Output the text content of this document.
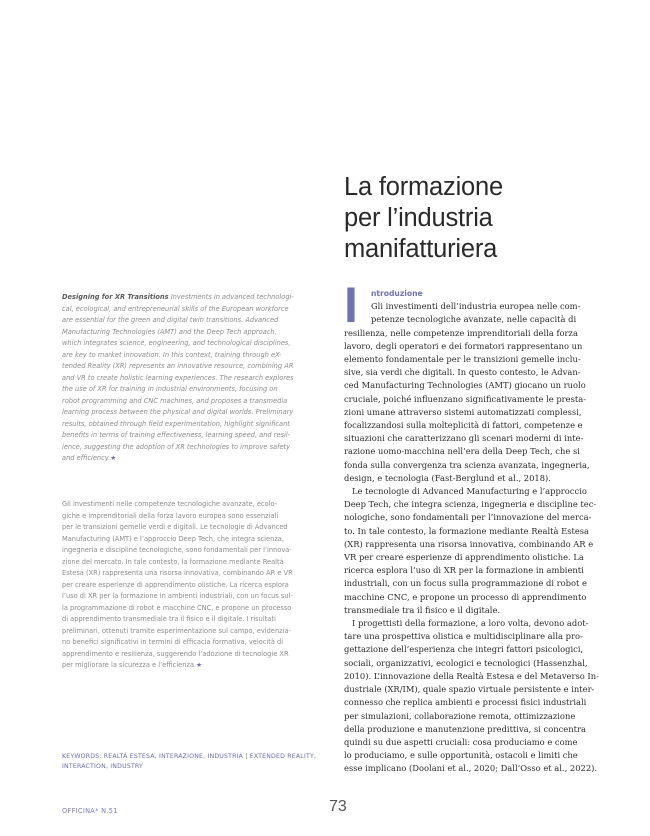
La formazione
per l’industria
manifatturiera
Designing for XR Transitions Investments in advanced technologi-
cal, ecological, and entrepreneurial skills of the European workforce
are essential for the green and digital twin transitions. Advanced
Manufacturing Technologies (AMT) and the Deep Tech approach,
which integrates science, engineering, and technological disciplines,
are key to market innovation. In this context, training through eX-
tended Reality (XR) represents an innovative resource, combining AR
and VR to create holistic learning experiences. The research explores
the use of XR for training in industrial environments, focusing on
robot programming and CNC machines, and proposes a transmedia
learning process between the physical and digital worlds. Preliminary
results, obtained through field experimentation, highlight significant
benefits in terms of training effectiveness, learning speed, and resil-
ience, suggesting the adoption of XR technologies to improve safety
and efficiency.★
Gli investimenti nelle competenze tecnologiche avanzate, ecolo-
giche e imprenditoriali della forza lavoro europea sono essenziali
per le transizioni gemelle verdi e digitali. Le tecnologie di Advanced
Manufacturing (AMT) e l’approccio Deep Tech, che integra scienza,
ingegneria e discipline tecnologiche, sono fondamentali per l’innova-
zione del mercato. In tale contesto, la formazione mediante Realtà
Estesa (XR) rappresenta una risorsa innovativa, combinando AR e VR
per creare esperienze di apprendimento olistiche. La ricerca esplora
l’uso di XR per la formazione in ambienti industriali, con un focus sul-
la programmazione di robot e macchine CNC, e propone un processo
di apprendimento transmediale tra il fisico e il digitale. I risultati
preliminari, ottenuti tramite esperimentazione sul campo, evidenzia-
no benefici significativi in termini di efficacia formativa, velocità di
apprendimento e resilienza, suggerendo l’adozione di tecnologie XR
per migliorare la sicurezza e l’efficienza.★
KEYWORDS: REALTÀ ESTESA, INTERAZIONE, INDUSTRIA | EXTENDED REALITY,
INTERACTION, INDUSTRY
I	ntroduzione
Gli investimenti dell’industria europea nelle com-
petenze tecnologiche avanzate, nelle capacità di
resilienza, nelle competenze imprenditoriali della forza
lavoro, degli operatori e dei formatori rappresentano un
elemento fondamentale per le transizioni gemelle inclu-
sive, sia verdi che digitali. In questo contesto, le Advan-
ced Manufacturing Technologies (AMT) giocano un ruolo
cruciale, poiché influenzano significativamente le presta-
zioni umane attraverso sistemi automatizzati complessi,
focalizzandosi sulla molteplicità di fattori, competenze e
situazioni che caratterizzano gli scenari moderni di inte-
razione uomo-macchina nell’era della Deep Tech, che si
fonda sulla convergenza tra scienza avanzata, ingegneria,
design, e tecnologia (Fast-Berglund et al., 2018).
Le tecnologie di Advanced Manufacturing e l’approccio
Deep Tech, che integra scienza, ingegneria e discipline tec-
nologiche, sono fondamentali per l’innovazione del merca-
to. In tale contesto, la formazione mediante Realtà Estesa
(XR) rappresenta una risorsa innovativa, combinando AR e
VR per creare esperienze di apprendimento olistiche. La
ricerca esplora l’uso di XR per la formazione in ambienti
industriali, con un focus sulla programmazione di robot e
macchine CNC, e propone un processo di apprendimento
transmediale tra il fisico e il digitale.
I progettisti della formazione, a loro volta, devono adot-
tare una prospettiva olistica e multidisciplinare alla pro-
gettazione dell’esperienza che integri fattori psicologici,
sociali, organizzativi, ecologici e tecnologici (Hassenzhal,
2010). L’innovazione della Realtà Estesa e del Metaverso In-
dustriale (XR/IM), quale spazio virtuale persistente e inter-
connesso che replica ambienti e processi fisici industriali
per simulazioni, collaborazione remota, ottimizzazione
della produzione e manutenzione predittiva, si concentra
quindi su due aspetti cruciali: cosa produciamo e come
lo produciamo, e sulle opportunità, ostacoli e limiti che
esse implicano (Doolani et al., 2020; Dall’Osso et al., 2022).
OFFICINA* N.51	73
